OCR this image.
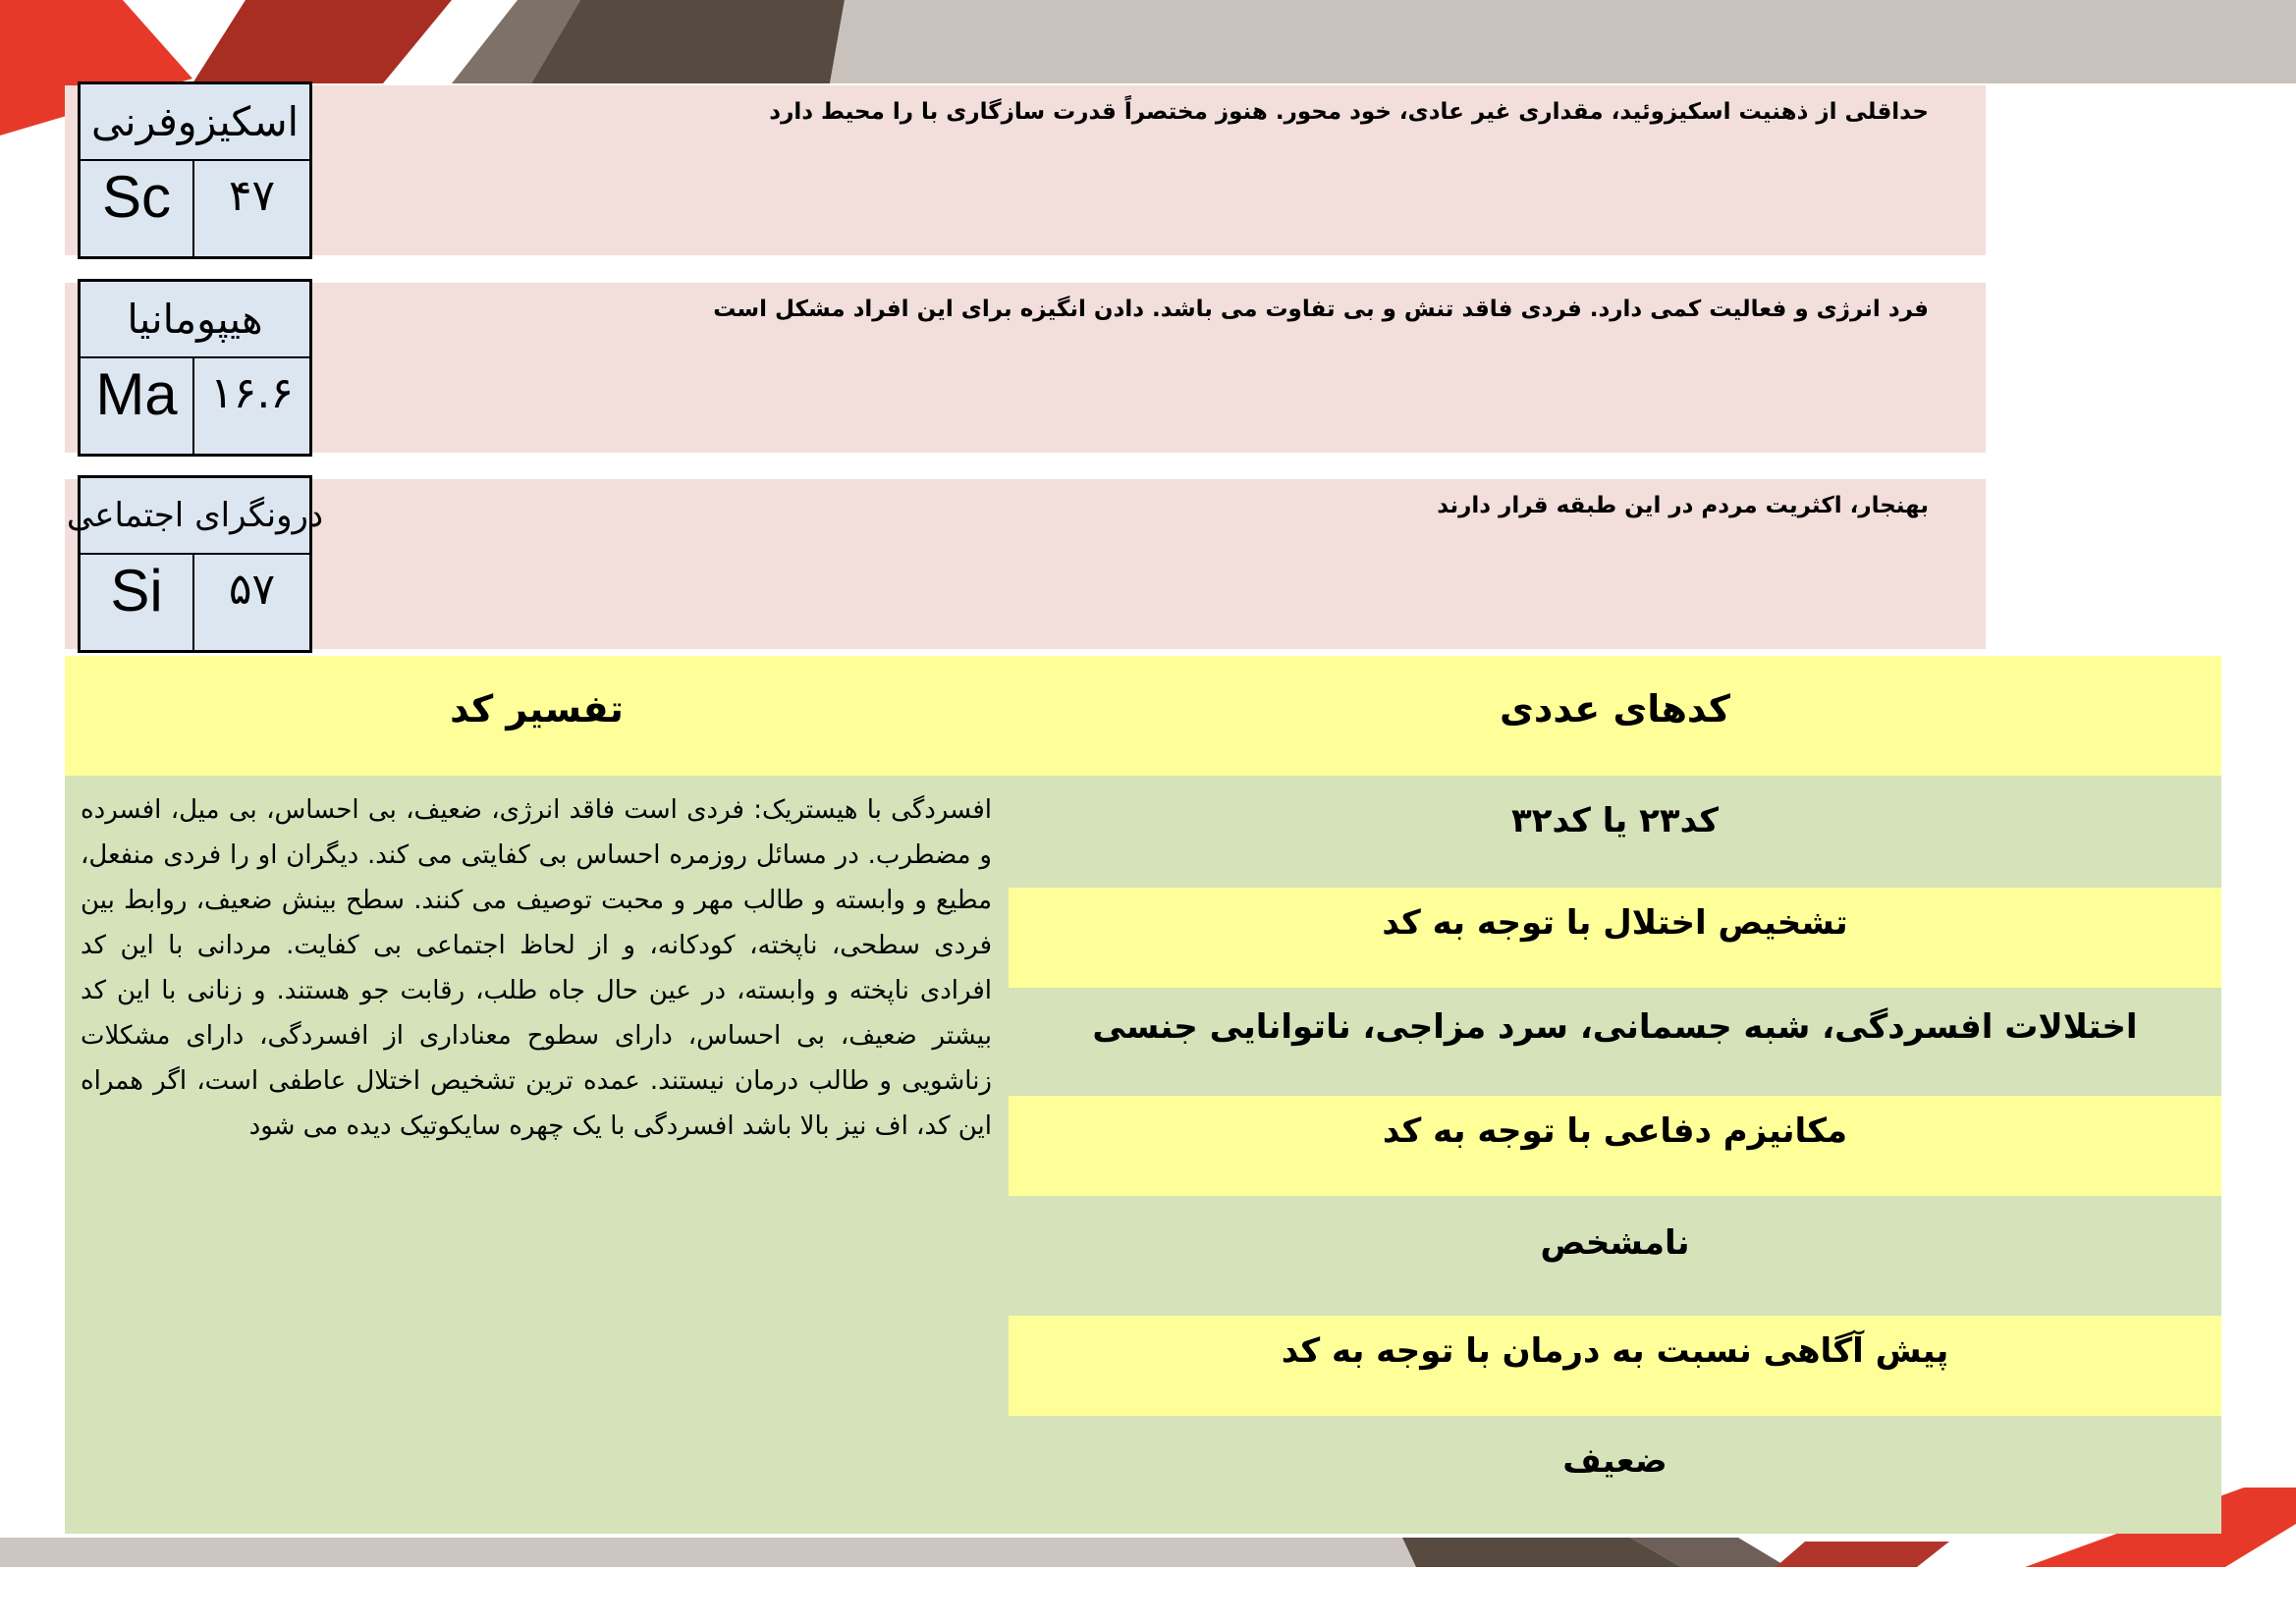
حداقلی از ذهنیت اسکیزوئید، مقداری غیر عادی، خود محور. هنوز مختصراً قدرت سازگاری با را محیط دارد
فرد انرژی و فعالیت کمی دارد. فردی فاقد تنش و بی تفاوت می باشد. دادن انگیزه برای این افراد مشکل است
بهنجار، اکثریت مردم در این طبقه قرار دارند
اسکیزوفرنی
Sc	۴۷
هیپومانیا
Ma ۱۶.۶
درونگرای اجتماعی
Si	۵۷
کدهای عددی
تفسیر کد
کد۲۳ یا کد۳۲
تشخیص اختلال با توجه به کد
اختلالات افسردگی، شبه جسمانی، سرد مزاجی، ناتوانایی جنسی
مکانیزم دفاعی با توجه به کد
نامشخص
پیش آگاهی نسبت به درمان با توجه به کد
ضعیف
افسردگی با هیستریک: فردی است فاقد انرژی، ضعیف، بی احساس، بی میل، افسرده و مضطرب. در مسائل روزمره احساس بی کفایتی می کند. دیگران او را فردی منفعل، مطیع و وابسته و طالب مهر و محبت توصیف می کنند. سطح بینش ضعیف، روابط بین فردی سطحی، ناپخته، کودکانه، و از لحاظ اجتماعی بی کفایت. مردانی با این کد افرادی ناپخته و وابسته، در عین حال جاه طلب، رقابت جو هستند. و زنانی با این کد بیشتر ضعیف، بی احساس، دارای سطوح معناداری از افسردگی، دارای مشکلات زناشویی و طالب درمان نیستند. عمده ترین تشخیص اختلال عاطفی است، اگر همراه این کد، اف نیز بالا باشد افسردگی با یک چهره سایکوتیک دیده می شود
